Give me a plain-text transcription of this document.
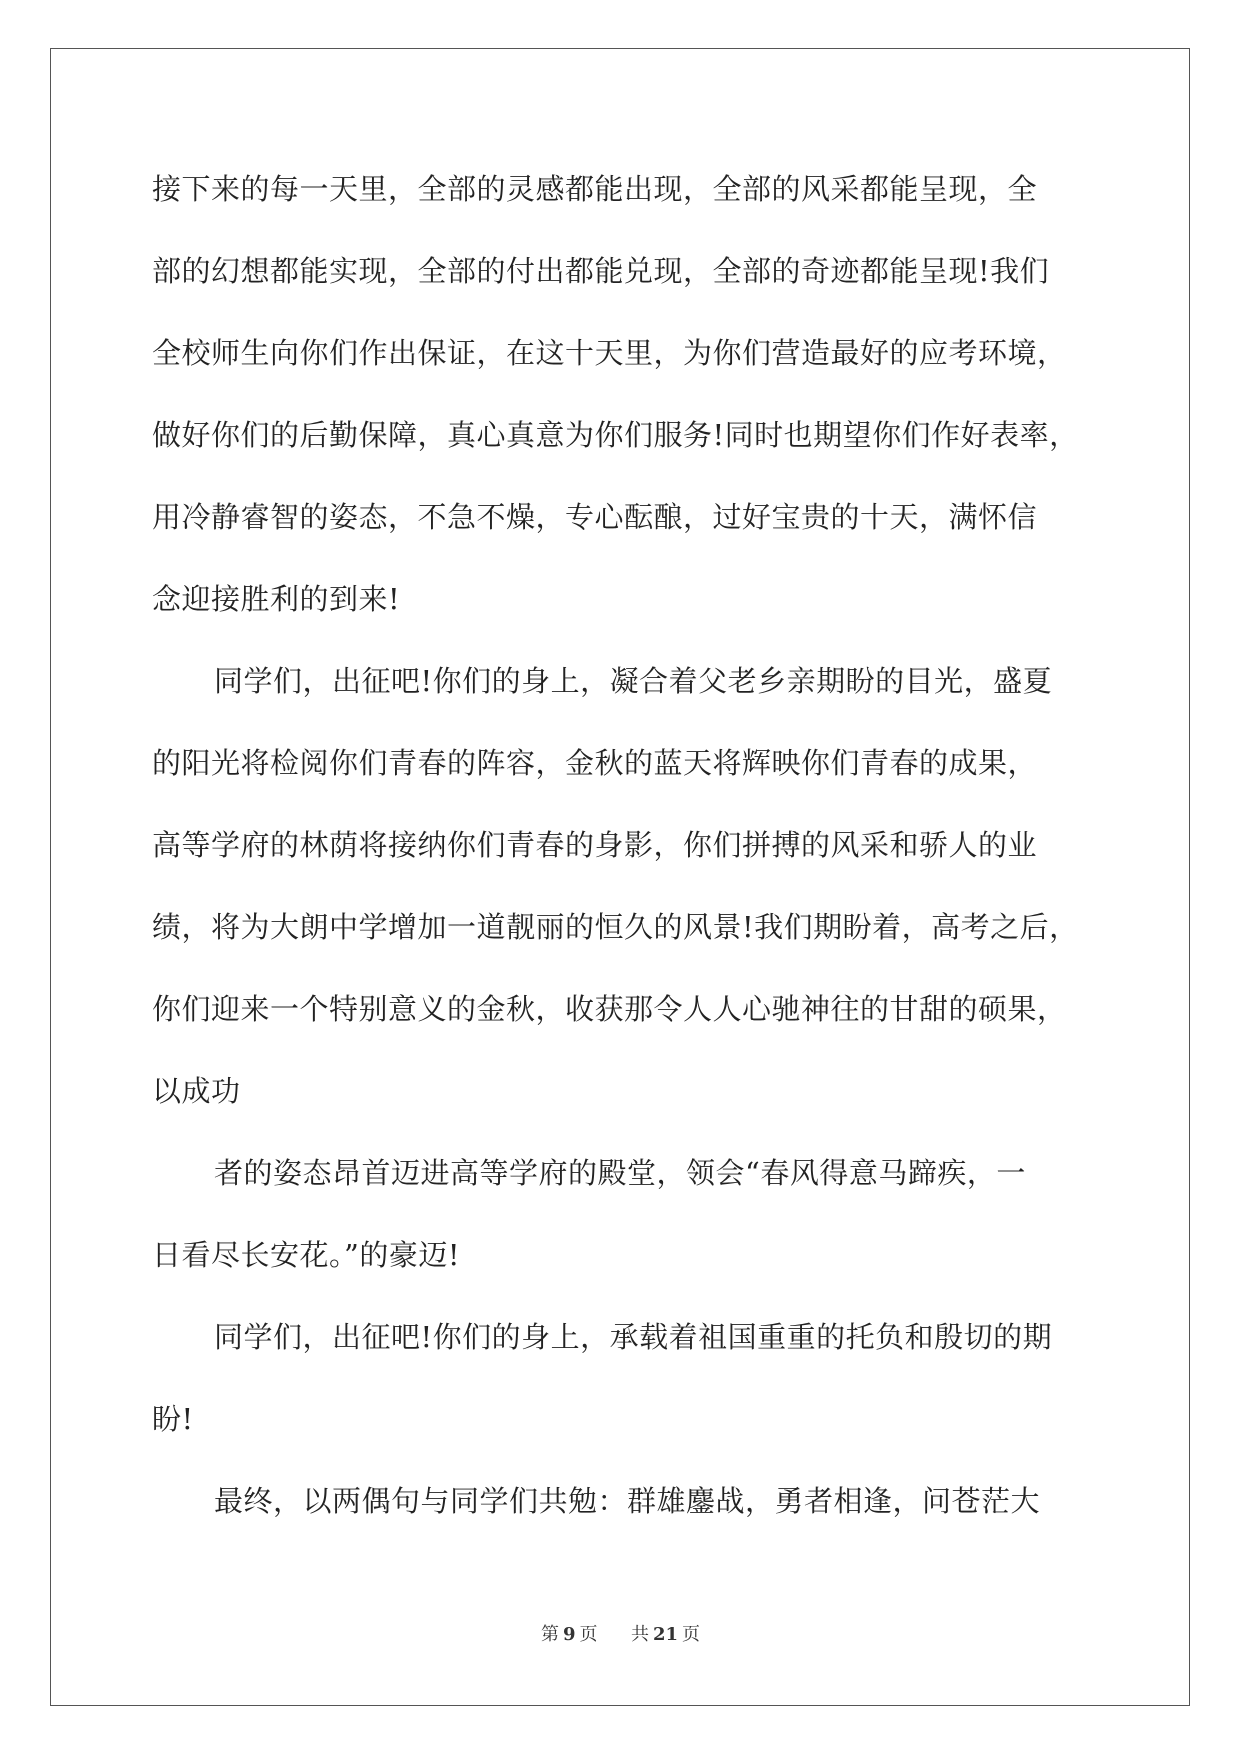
接下来的每一天里，全部的灵感都能出现，全部的风采都能呈现，全
部的幻想都能实现，全部的付出都能兑现，全部的奇迹都能呈现!我们
全校师生向你们作出保证，在这十天里，为你们营造最好的应考环境，
做好你们的后勤保障，真心真意为你们服务!同时也期望你们作好表率，
用冷静睿智的姿态，不急不燥，专心酝酿，过好宝贵的十天，满怀信
念迎接胜利的到来!
同学们，出征吧!你们的身上，凝合着父老乡亲期盼的目光，盛夏
的阳光将检阅你们青春的阵容，金秋的蓝天将辉映你们青春的成果，
高等学府的林荫将接纳你们青春的身影，你们拼搏的风采和骄人的业
绩，将为大朗中学增加一道靓丽的恒久的风景!我们期盼着，高考之后，
你们迎来一个特别意义的金秋，收获那令人人心驰神往的甘甜的硕果，
以成功
者的姿态昂首迈进高等学府的殿堂，领会“春风得意马蹄疾，一
日看尽长安花。”的豪迈!
同学们，出征吧!你们的身上，承载着祖国重重的托负和殷切的期
盼!
最终，以两偶句与同学们共勉：群雄鏖战，勇者相逢，问苍茫大
第 9 页 共 21 页
